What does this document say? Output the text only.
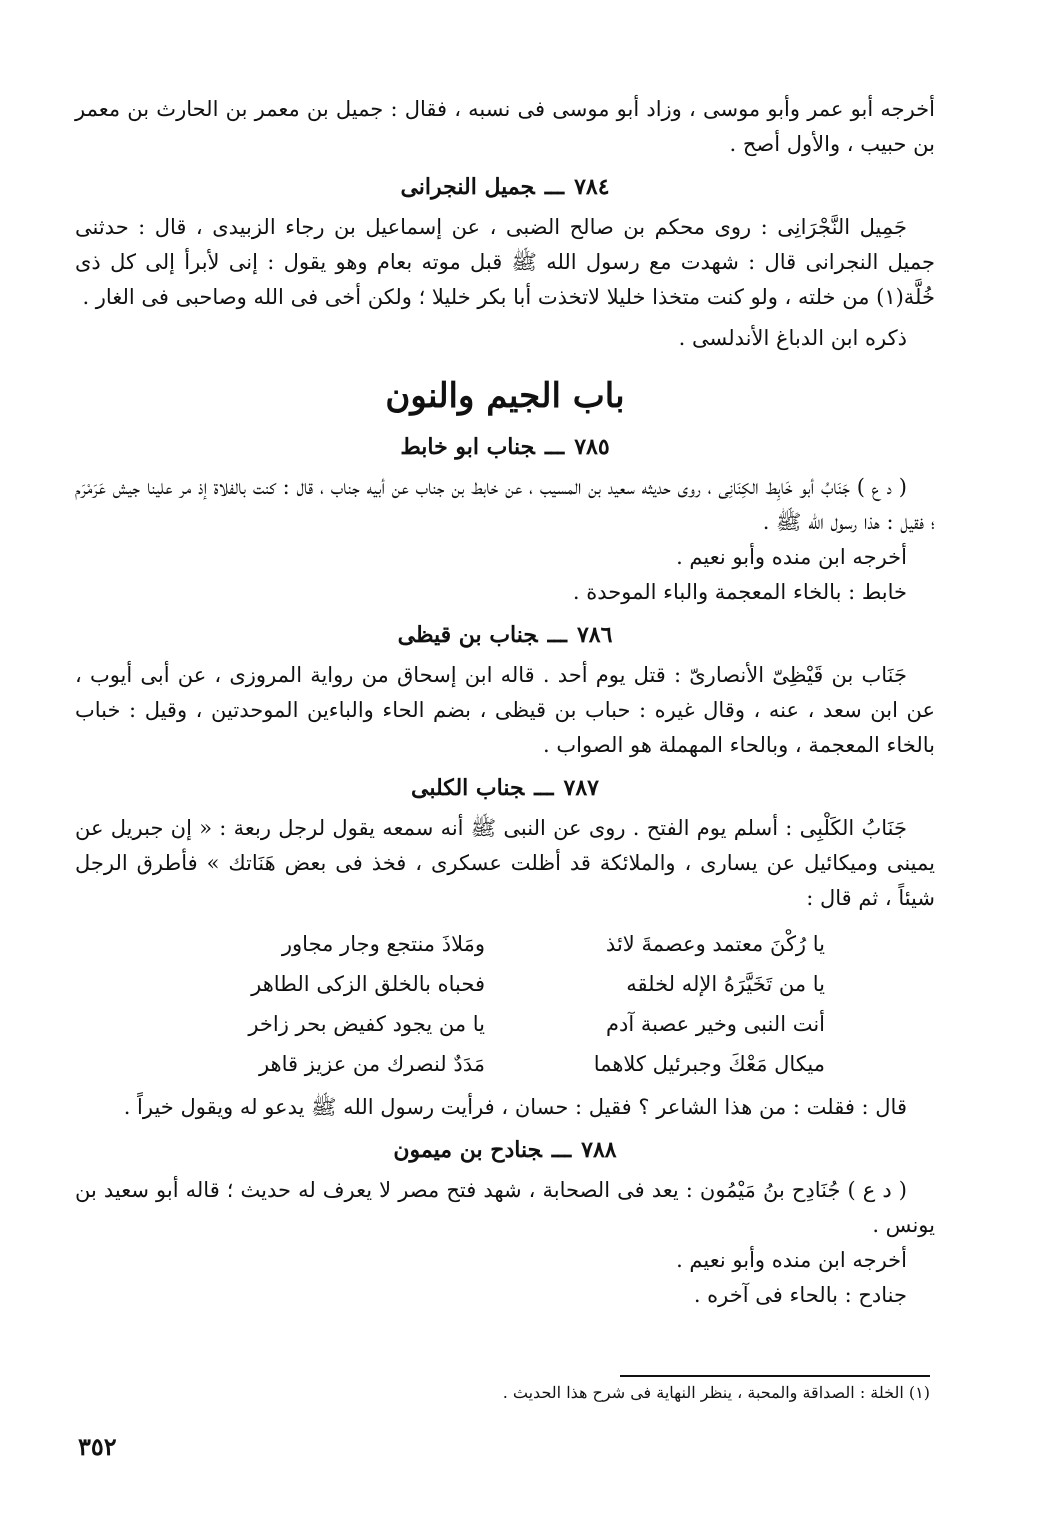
أخرجه أبو عمر وأبو موسى ، وزاد أبو موسى فى نسبه ، فقال : جميل بن معمر بن الحارث بن معمر بن حبيب ، والأول أصح .

٧٨٤ـــجميل النجرانى

جَمِيل النَّجْرَانِى : روى محكم بن صالح الضبى ، عن إسماعيل بن رجاء الزبيدى ، قال : حدثنى جميل النجرانى قال : شهدت مع رسول الله ﷺ قبل موته بعام وهو يقول : إنى لأبرأ إلى كل ذى خُلَّة(١) من خلته ، ولو كنت متخذا خليلا لاتخذت أبا بكر خليلا ؛ ولكن أخى فى الله وصاحبى فى الغار .

ذكره ابن الدباغ الأندلسى .

باب الجيم والنون
٧٨٥ـــجناب ابو خابط

( د ع ) جَنَابُ أبو خَابِط الكِنَانِى ، روى حديثه سعيد بن المسيب ، عن خابط بن جناب عن أبيه جناب ، قال : كنت بالفلاة إذ مر علينا جيش عَرَمْرَم ؛ فقيل : هذا رسول الله ﷺ .

أخرجه ابن منده وأبو نعيم .

خابط : بالخاء المعجمة والباء الموحدة .

٧٨٦ـــجناب بن قيظى

جَنَاب بن قَيْظِىّ الأنصارىّ : قتل يوم أحد . قاله ابن إسحاق من رواية المروزى ، عن أبى أيوب ، عن ابن سعد ، عنه ، وقال غيره : حباب بن قيظى ، بضم الحاء والباءين الموحدتين ، وقيل : خباب بالخاء المعجمة ، وبالحاء المهملة هو الصواب .

٧٨٧ـــجناب الكلبى

جَنَابُ الكَلْبِى : أسلم يوم الفتح . روى عن النبى ﷺ أنه سمعه يقول لرجل ربعة : « إن جبريل عن يمينى وميكائيل عن يسارى ، والملائكة قد أظلت عسكرى ، فخذ فى بعض هَنَاتك » فأطرق الرجل شيئاً ، ثم قال :

يا رُكْنَ معتمد وعصمةَ لائذ
ومَلاذَ منتجع وجار مجاور
يا من تَخَيَّرَهُ الإله لخلقه
فحباه بالخلق الزكى الطاهر
أنت النبى وخير عصبة آدم
يا من يجود كفيض بحر زاخر
ميكال مَعْكَ وجبرئيل كلاهما
مَدَدٌ لنصرك من عزيز قاهر

قال : فقلت : من هذا الشاعر ؟ فقيل : حسان ، فرأيت رسول الله ﷺ يدعو له ويقول خيراً .

٧٨٨ـــجنادح بن ميمون

( د ع ) جُنَادِح بنُ مَيْمُون : يعد فى الصحابة ، شهد فتح مصر لا يعرف له حديث ؛ قاله أبو سعيد بن يونس .

أخرجه ابن منده وأبو نعيم .

جنادح : بالحاء فى آخره .

(١) الخلة : الصداقة والمحبة ، ينظر النهاية فى شرح هذا الحديث .
٣٥٢
